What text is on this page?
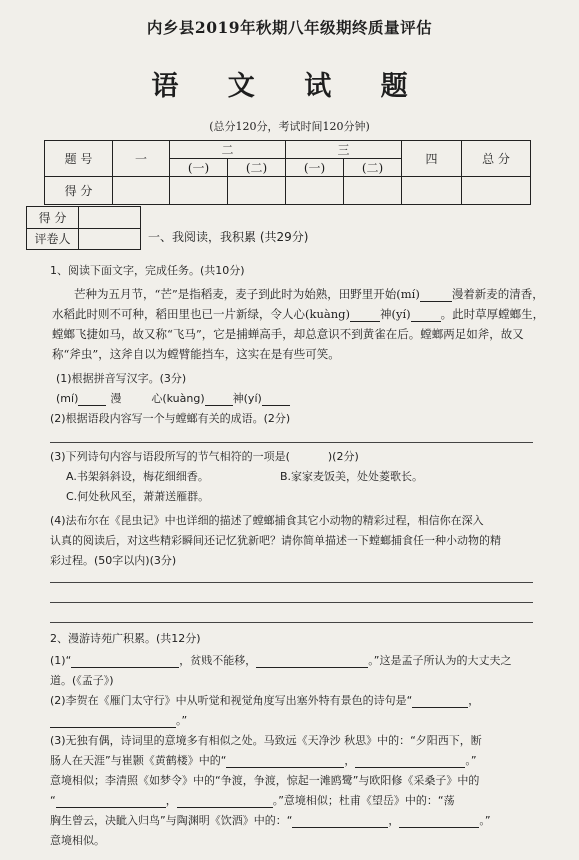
内乡县2019年秋期八年级期终质量评估
语 文 试 题
(总分120分，考试时间120分钟)
题 号	一	二		三		四	总 分
		(一)	(二)	(一)	(二)		
得 分							
得 分	
评卷人		一、我阅读，我积累 (共29分)
1、阅读下面文字，完成任务。(共10分)
芒种为五月节，“芒”是指稻麦，麦子到此时为始熟，田野里开始(mí)	漫着新麦的清香，
水稻此时则不可种，稻田里也已一片新绿，令人心(kuàng)	神(yí)	。此时草厚螳螂生，
螳螂飞捷如马，故又称“飞马”，它是捕蝉高手，却总意识不到黄雀在后。螳螂两足如斧，故又
称“斧虫”，这斧自以为螳臂能挡车，这实在是有些可笑。
(1)根据拼音写汉字。(3分)
(mí)	漫	心(kuàng)	神(yí)
(2)根据语段内容写一个与螳螂有关的成语。(2分)
(3)下列诗句内容与语段所写的节气相符的一项是(	)(2分)
A.书架斜斜设，梅花细细香。	B.家家麦饭美，处处菱歌长。
C.何处秋风至，萧萧送雁群。
(4)法布尔在《昆虫记》中也详细的描述了螳螂捕食其它小动物的精彩过程，相信你在深入
认真的阅读后，对这些精彩瞬间还记忆犹新吧？请你简单描述一下螳螂捕食任一种小动物的精
彩过程。(50字以内)(3分)
2、漫游诗苑广积累。(共12分)
(1)“	，贫贱不能移，	。”这是孟子所认为的大丈夫之
道。(《孟子》)
(2)李贺在《雁门太守行》中从听觉和视觉角度写出塞外特有景色的诗句是“	，
。”
(3)无独有偶，诗词里的意境多有相似之处。马致远《天净沙 秋思》中的：“夕阳西下，断
肠人在天涯”与崔颢《黄鹤楼》中的“	，	。”
意境相似；李清照《如梦令》中的“争渡，争渡，惊起一滩鸥鹭”与欧阳修《采桑子》中的
“	，	。”意境相似；杜甫《望岳》中的：“荡
胸生曾云，决眦入归鸟”与陶渊明《饮酒》中的：“	，	。”
意境相似。
